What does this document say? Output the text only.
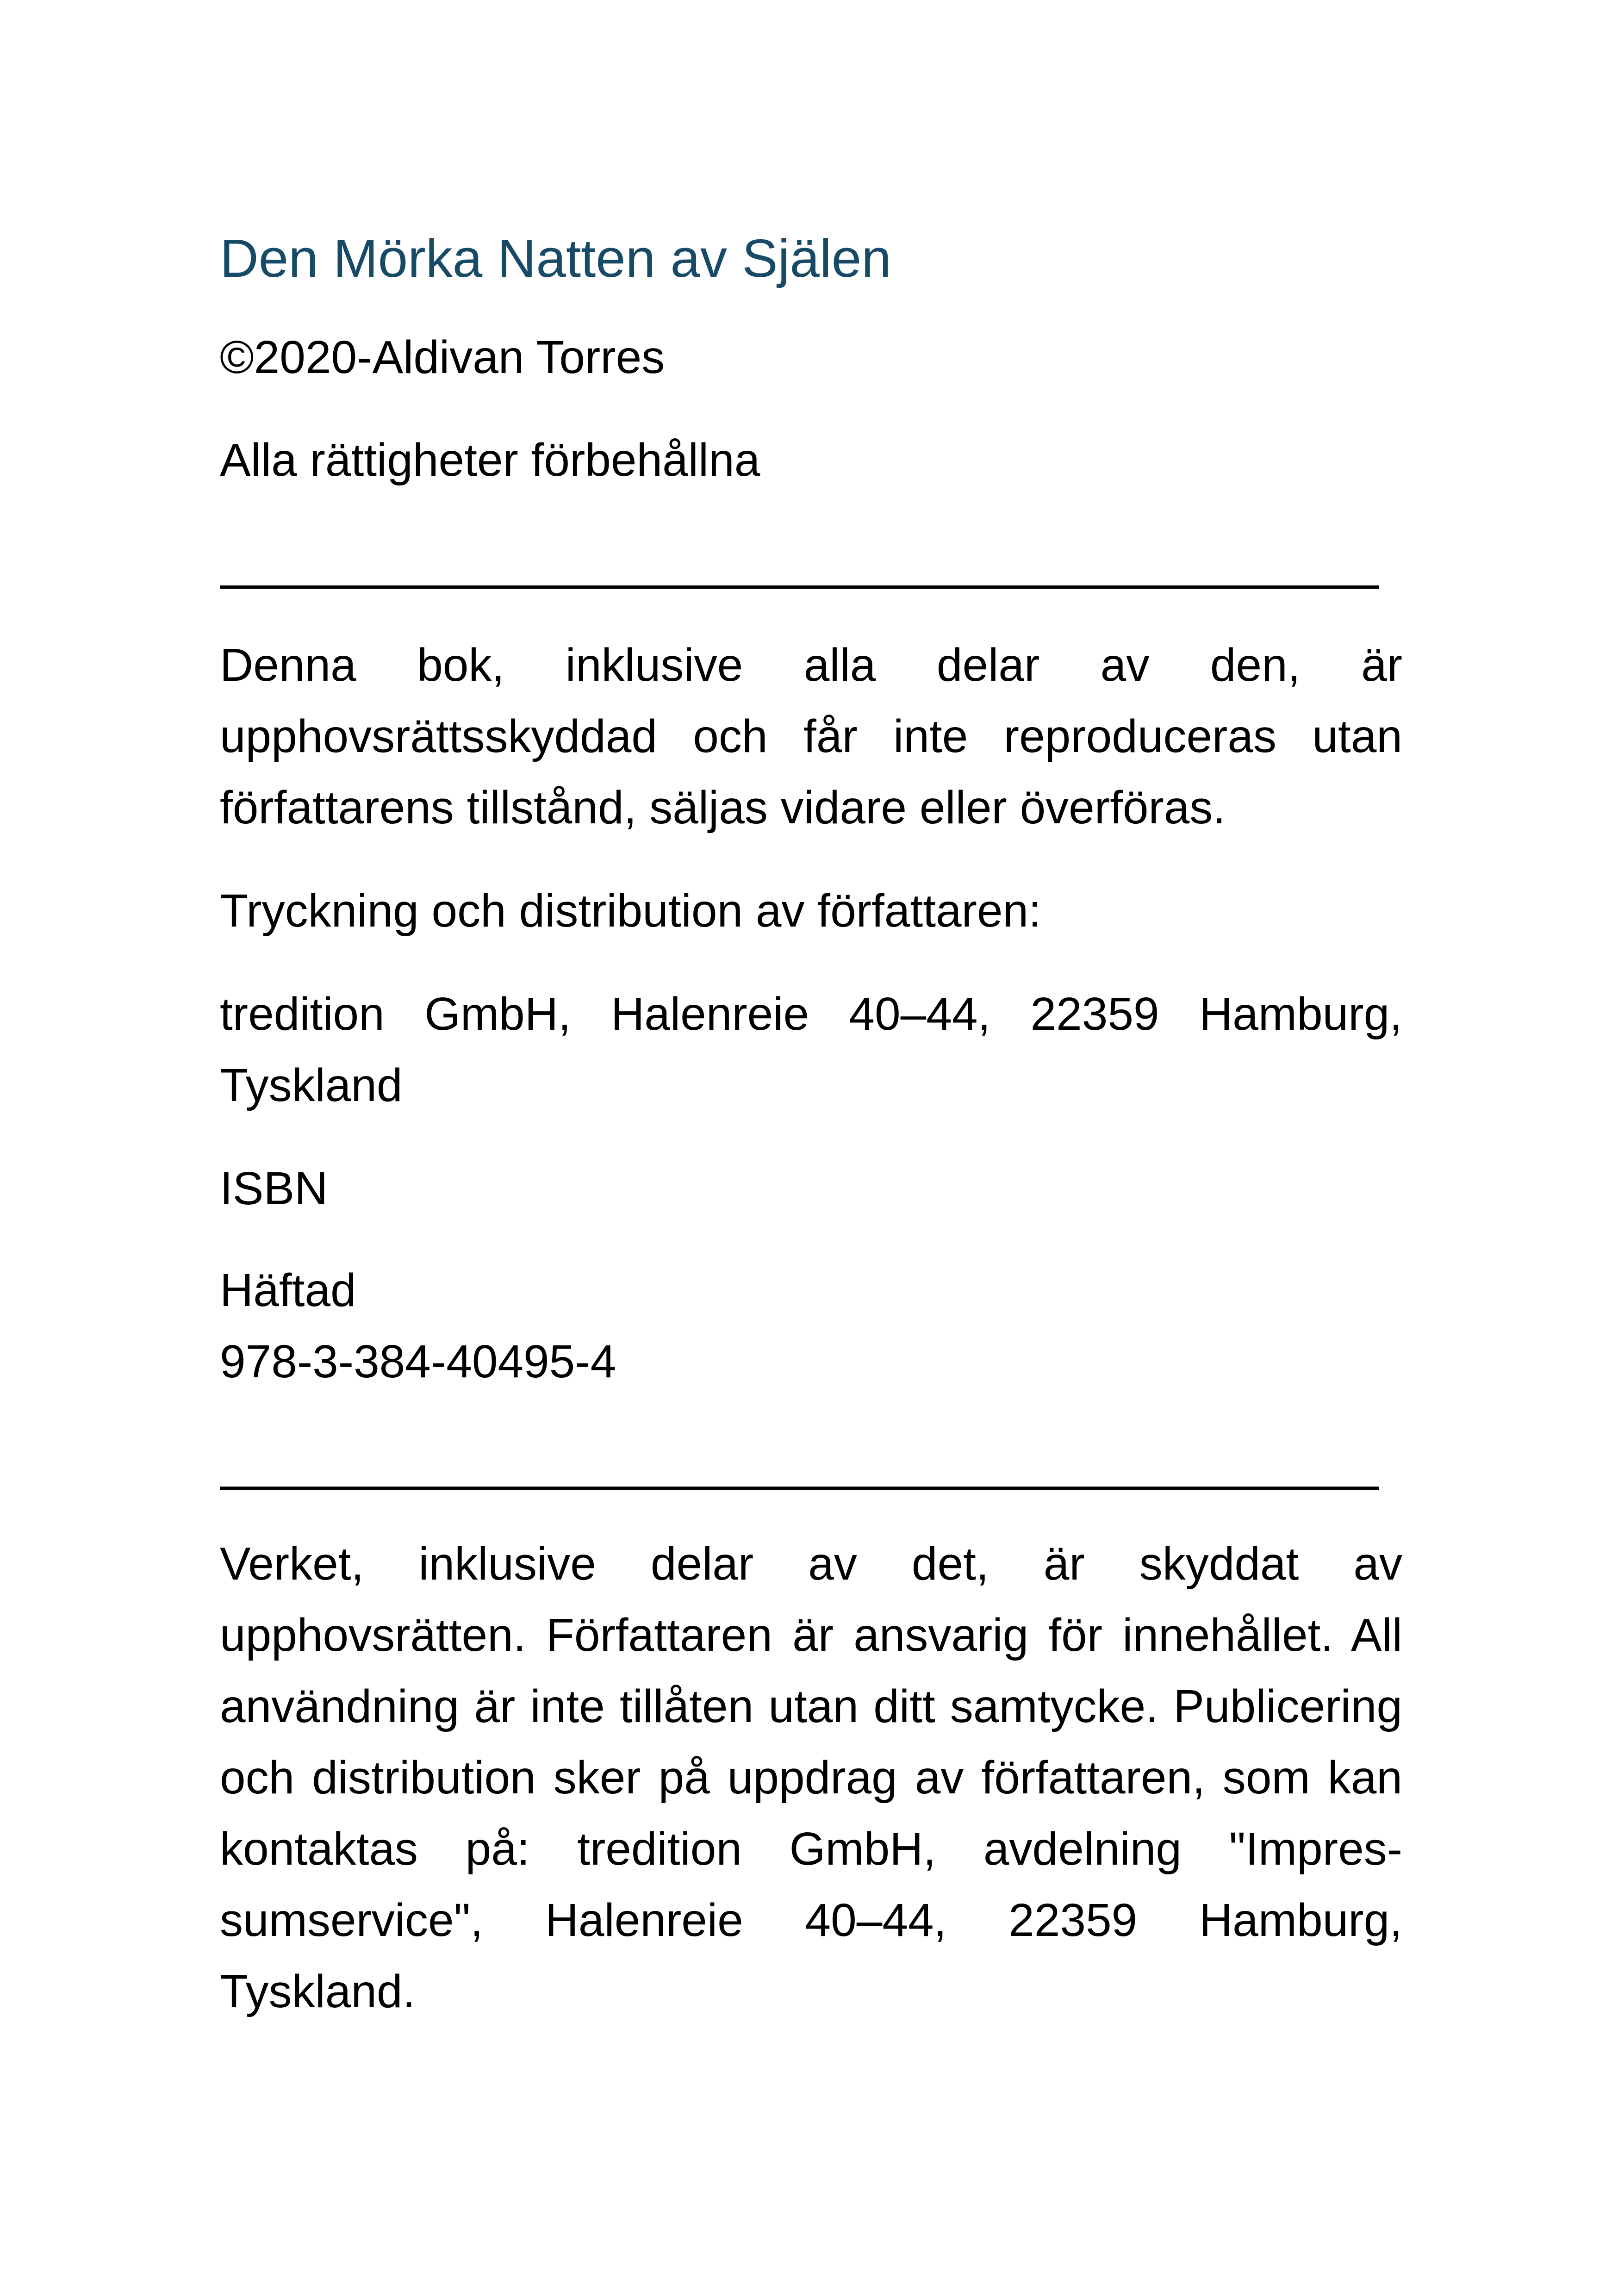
Den Mörka Natten av Själen

©2020-Aldivan Torres

Alla rättigheter förbehållna

Denna bok, inklusive alla delar av den, är upphovsrättsskyddad och får inte reproduceras utan författarens tillstånd, säljas vidare eller överföras.

Tryckning och distribution av författaren:

tredition GmbH, Halenreie 40–44, 22359 Hamburg, Tyskland

ISBN

Häftad

978-3-384-40495-4

Verket, inklusive delar av det, är skyddat av upphovsrätten. Författaren är ansvarig för innehållet. All användning är inte tillåten utan ditt samtycke. Publicering och distribution sker på uppdrag av författaren, som kan kontaktas på: tredition GmbH, avdelning "Impres-sumservice", Halenreie 40–44, 22359 Hamburg, Tyskland.
